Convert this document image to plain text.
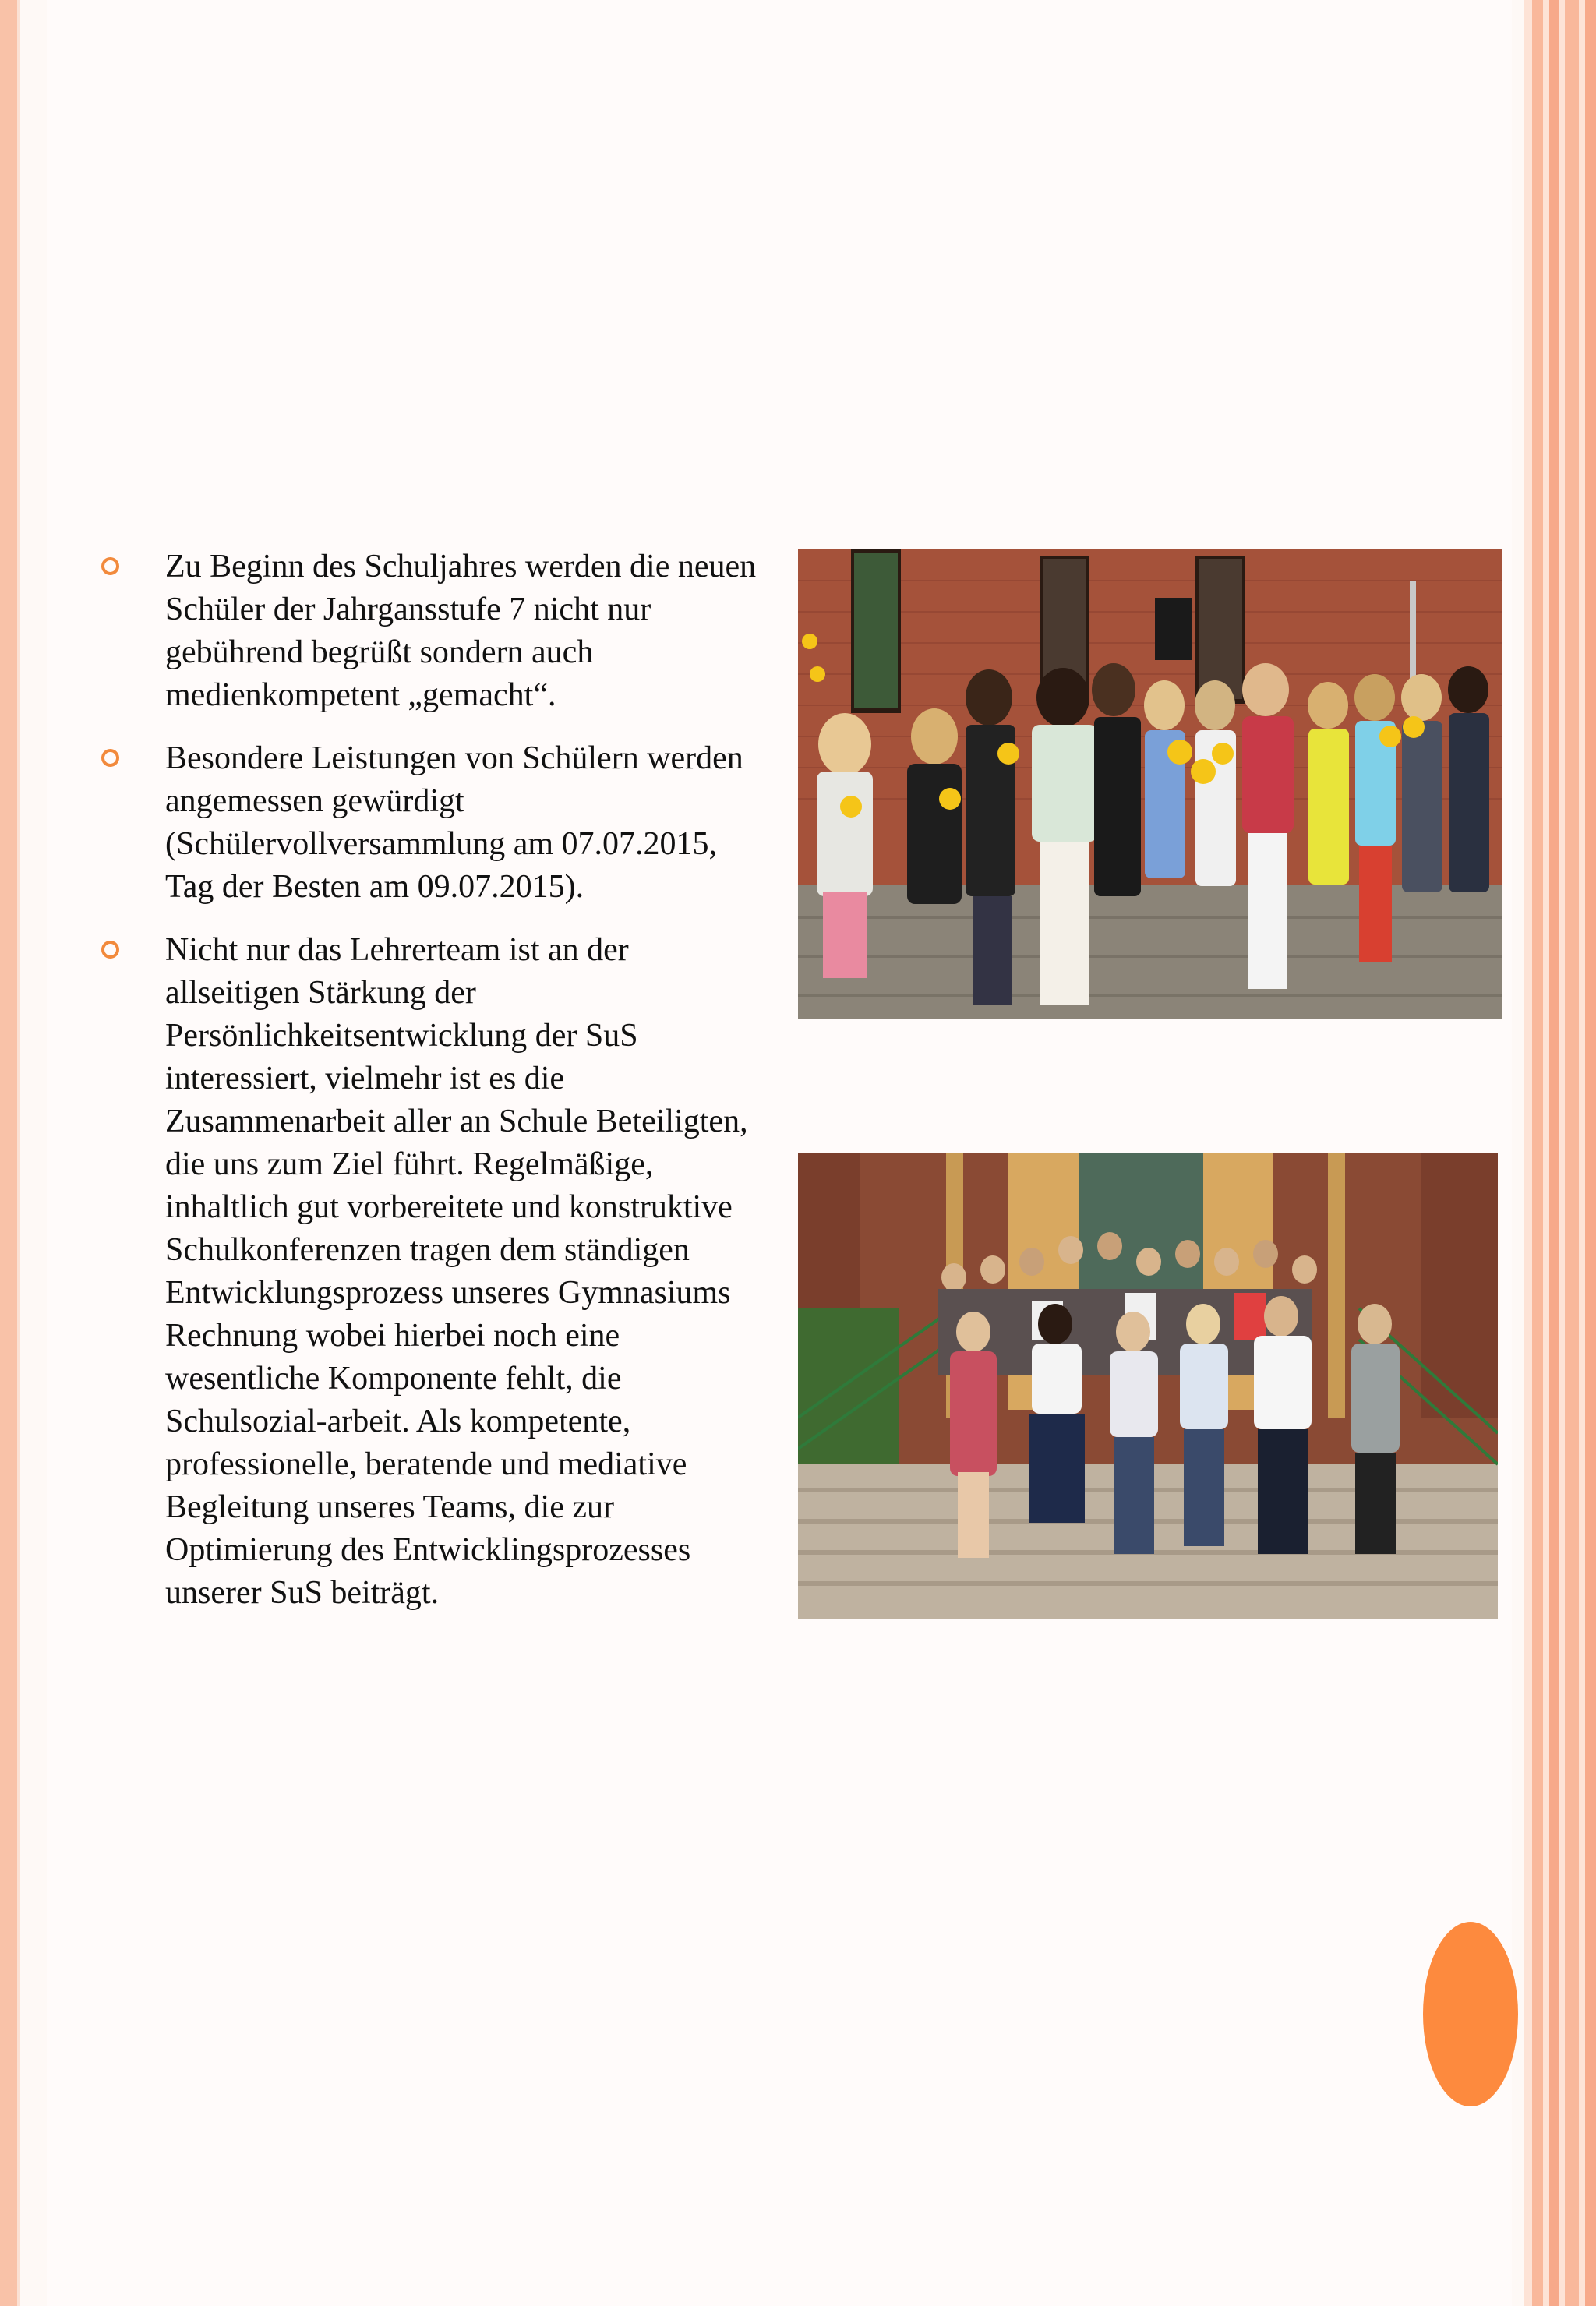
Zu Beginn des Schuljahres werden die neuen Schüler der Jahrgansstufe 7 nicht nur gebührend begrüßt sondern auch medienkompetent „gemacht“.
Besondere Leistungen von Schülern werden angemessen gewürdigt (Schülervollversammlung am 07.07.2015, Tag der Besten am 09.07.2015).
Nicht nur das Lehrerteam ist an der allseitigen Stärkung der Persönlichkeitsentwicklung der SuS interessiert, vielmehr ist es die Zusammenarbeit aller an Schule Beteiligten, die uns zum Ziel führt. Regelmäßige, inhaltlich gut vorbereitete und konstruktive Schulkonferenzen tragen dem ständigen Entwicklungsprozess unseres Gymnasiums Rechnung wobei hierbei noch eine wesentliche Komponente fehlt, die Schulsozial-arbeit. Als kompetente, professionelle, beratende und mediative Begleitung unseres Teams, die zur Optimierung des Entwicklingsprozesses unserer SuS beiträgt.
